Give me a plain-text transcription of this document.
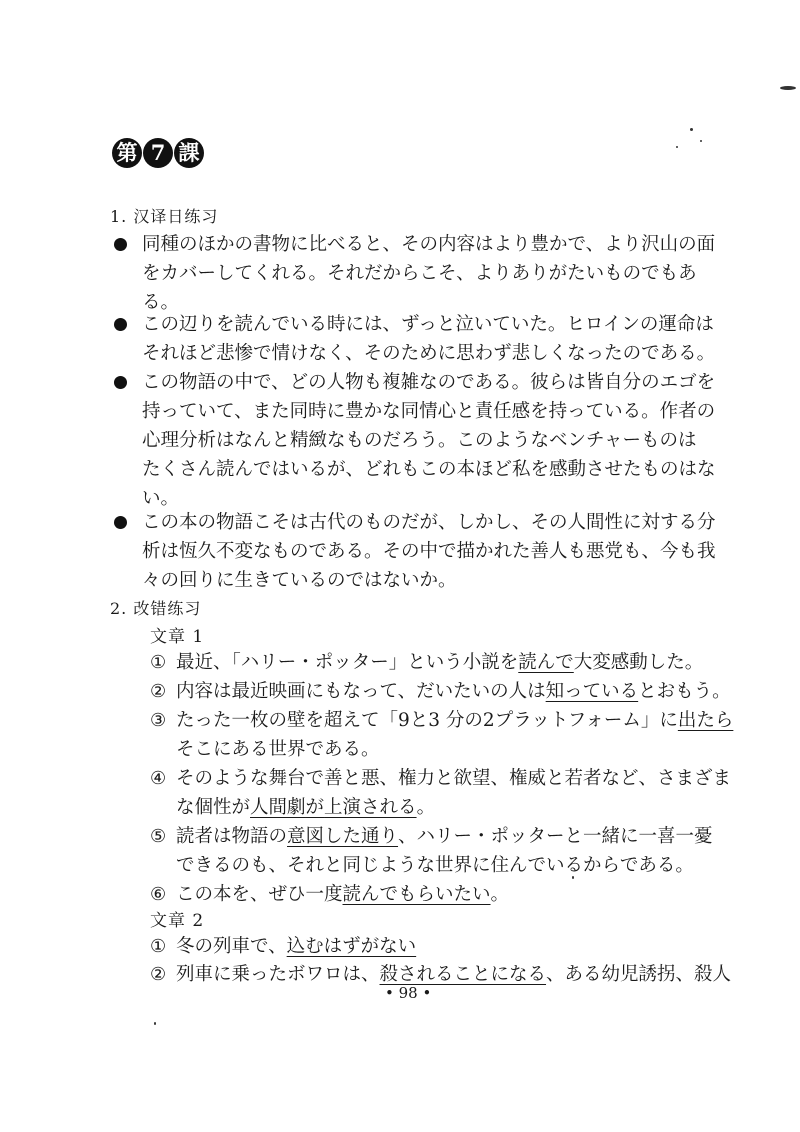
第 7 課
1. 汉译日练习
同種のほかの書物に比べると、その内容はより豊かで、より沢山の面
をカバーしてくれる。それだからこそ、よりありがたいものでもあ
る。
この辺りを読んでいる時には、ずっと泣いていた。ヒロインの運命は
それほど悲惨で情けなく、そのために思わず悲しくなったのである。
この物語の中で、どの人物も複雑なのである。彼らは皆自分のエゴを
持っていて、また同時に豊かな同情心と責任感を持っている。作者の
心理分析はなんと精緻なものだろう。このようなベンチャーものは
たくさん読んではいるが、どれもこの本ほど私を感動させたものはな
い。
この本の物語こそは古代のものだが、しかし、その人間性に対する分
析は恆久不変なものである。その中で描かれた善人も悪党も、今も我
々の回りに生きているのではないか。
2. 改错练习
文章 1
① 最近、「ハリー・ポッター」という小説を読んで大変感動した。
② 内容は最近映画にもなって、だいたいの人は知っているとおもう。
③ たった一枚の壁を超えて「9と3 分の2プラットフォーム」に出たら
そこにある世界である。
④ そのような舞台で善と悪、権力と欲望、権威と若者など、さまざま
な個性が人間劇が上演される。
⑤ 読者は物語の意図した通り、ハリー・ポッターと一緒に一喜一憂
できるのも、それと同じような世界に住んでいるからである。
⑥ この本を、ぜひ一度読んでもらいたい。
文章 2
① 冬の列車で、込むはずがない
② 列車に乗ったボワロは、殺されることになる、ある幼児誘拐、殺人
• 98 •
